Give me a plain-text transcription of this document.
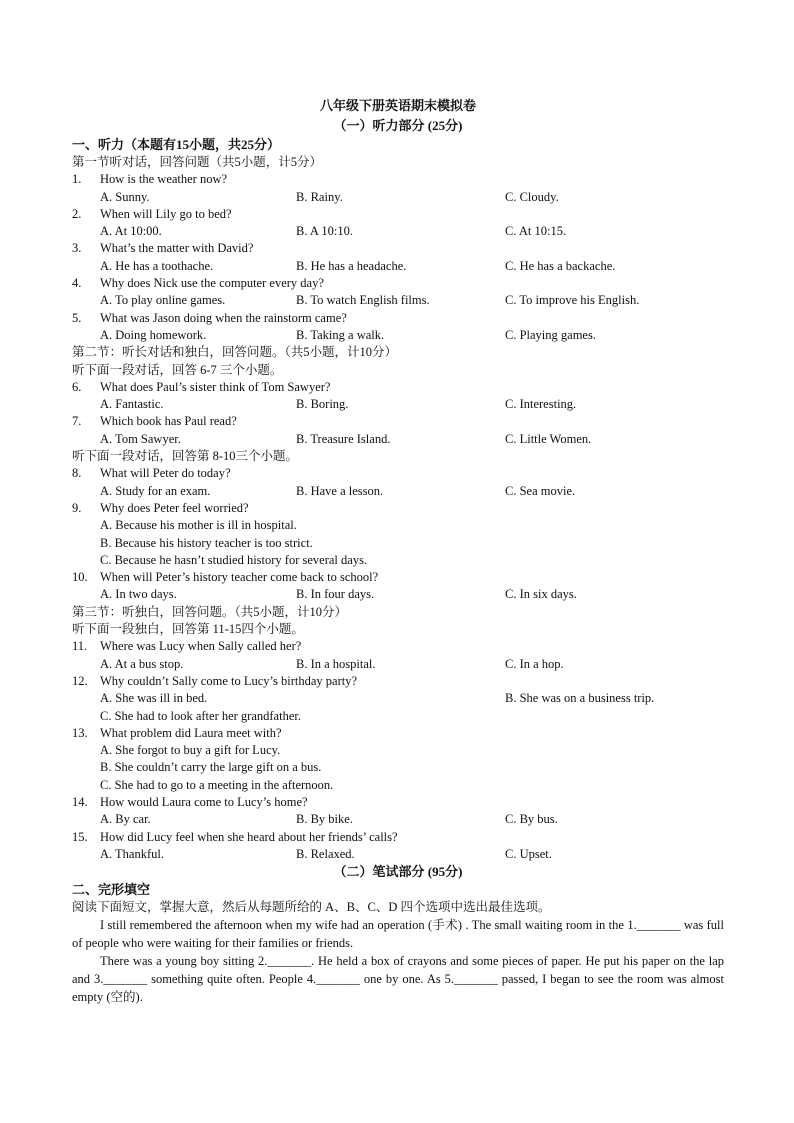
八年级下册英语期末模拟卷
（一）听力部分 (25分)
一、听力（本题有15小题，共25分）
第一节听对话，回答问题（共5小题，计5分）
1.	How is the weather now?
A. Sunny.	B. Rainy.	C. Cloudy.
2.	When will Lily go to bed?
A. At 10:00.	B. A 10:10.	C. At 10:15.
3.	What’s the matter with David?
A. He has a toothache.	B. He has a headache.	C. He has a backache.
4.	Why does Nick use the computer every day?
A. To play online games.	B. To watch English films.	C. To improve his English.
5.	What was Jason doing when the rainstorm came?
A. Doing homework.	B. Taking a walk.	C. Playing games.
第二节：听长对话和独白，回答问题。（共5小题，计10分）
听下面一段对话，回答 6-7 三个小题。
6.	What does Paul’s sister think of Tom Sawyer?
A. Fantastic.	B. Boring.	C. Interesting.
7.	Which book has Paul read?
A. Tom Sawyer.	B. Treasure Island.	C. Little Women.
听下面一段对话，回答第 8-10三个小题。
8.	What will Peter do today?
A. Study for an exam.	B. Have a lesson.	C. Sea movie.
9.	Why does Peter feel worried?
A. Because his mother is ill in hospital.
B. Because his history teacher is too strict.
C. Because he hasn’t studied history for several days.
10. When will Peter’s history teacher come back to school?
A. In two days.	B. In four days.	C. In six days.
第三节：听独白，回答问题。（共5小题，计10分）
听下面一段独白，回答第 11-15四个小题。
11.	Where was Lucy when Sally called her?
A. At a bus stop.	B. In a hospital.	C. In a hop.
12. Why couldn’t Sally come to Lucy’s birthday party?
A. She was ill in bed.	B. She was on a business trip.
C. She had to look after her grandfather.
13. What problem did Laura meet with?
A. She forgot to buy a gift for Lucy.
B. She couldn’t carry the large gift on a bus.
C. She had to go to a meeting in the afternoon.
14. How would Laura come to Lucy’s home?
A. By car.	B. By bike.	C. By bus.
15. How did Lucy feel when she heard about her friends’ calls?
A. Thankful.	B. Relaxed.	C. Upset.
（二）笔试部分 (95分)
二、完形填空
阅读下面短文，掌握大意，然后从每题所给的 A、B、C、D 四个选项中选出最佳选项。

I still remembered the afternoon when my wife had an operation (手术) . The small waiting room in the 1._______ was full of people who were waiting for their families or friends.

There was a young boy sitting 2._______. He held a box of crayons and some pieces of paper. He put his paper on the lap and 3._______ something quite often. People 4._______ one by one. As 5._______ passed, I began to see the room was almost empty (空的).
